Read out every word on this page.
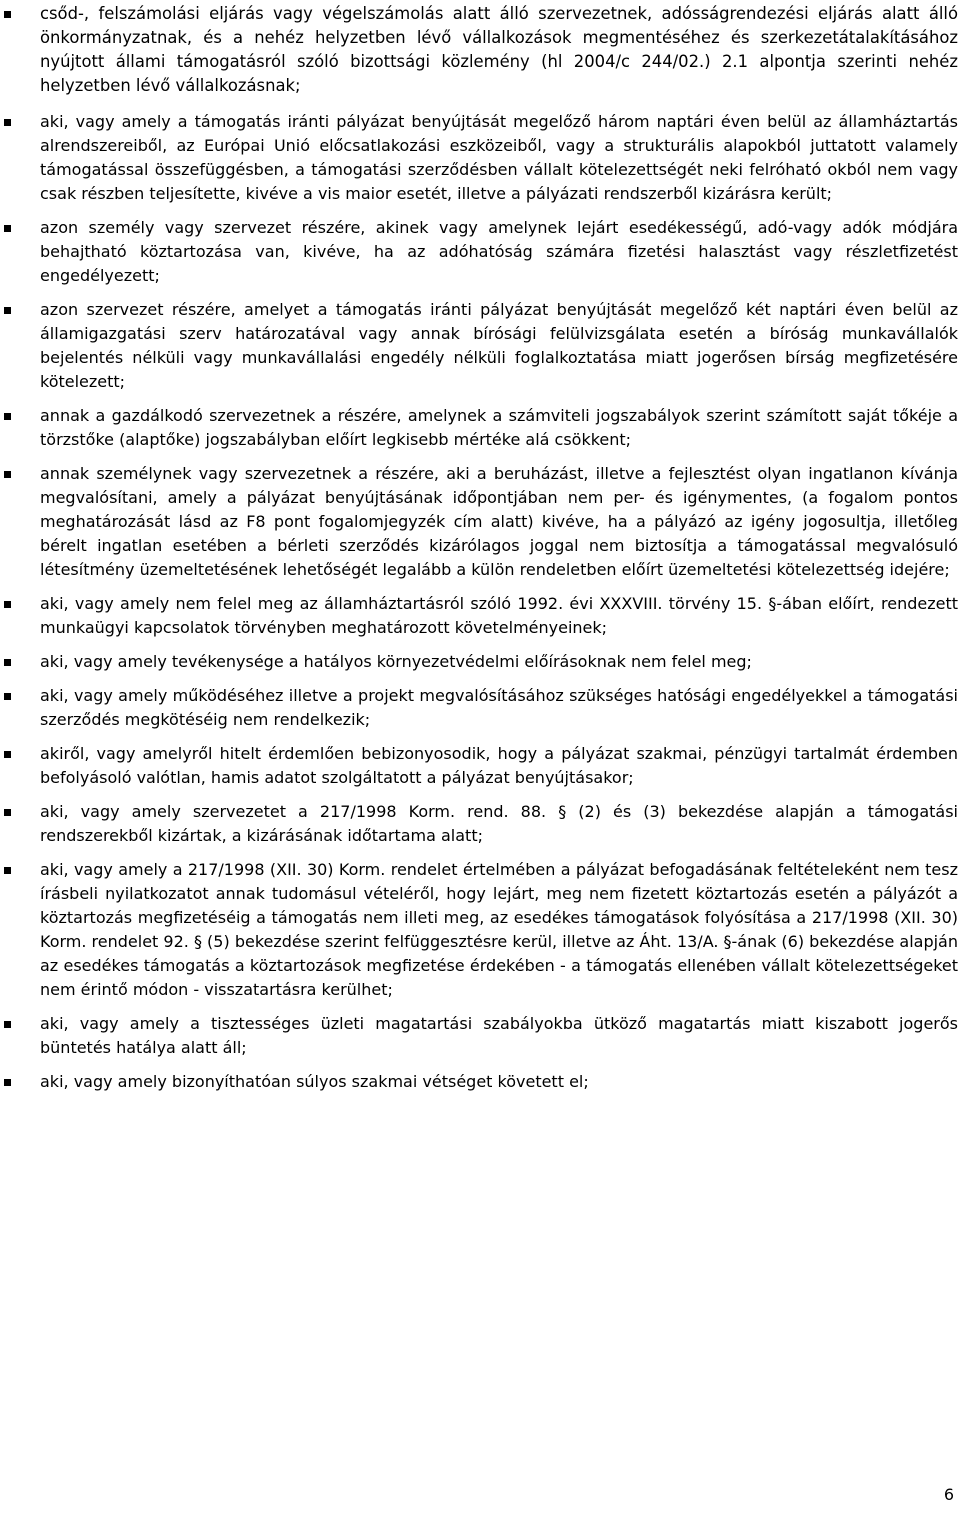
csőd-, felszámolási eljárás vagy végelszámolás alatt álló szervezetnek, adósságrendezési eljárás alatt álló önkormányzatnak, és a nehéz helyzetben lévő vállalkozások megmentéséhez és szerkezetátalakításához nyújtott állami támogatásról szóló bizottsági közlemény (hl 2004/c 244/02.) 2.1 alpontja szerinti nehéz helyzetben lévő vállalkozásnak;
aki, vagy amely a támogatás iránti pályázat benyújtását megelőző három naptári éven belül az államháztartás alrendszereiből, az Európai Unió előcsatlakozási eszközeiből, vagy a strukturális alapokból juttatott valamely támogatással összefüggésben, a támogatási szerződésben vállalt kötelezettségét neki felróható okból nem vagy csak részben teljesítette, kivéve a vis maior esetét, illetve a pályázati rendszerből kizárásra került;
azon személy vagy szervezet részére, akinek vagy amelynek lejárt esedékességű, adó-vagy adók módjára behajtható köztartozása van, kivéve, ha az adóhatóság számára fizetési halasztást vagy részletfizetést engedélyezett;
azon szervezet részére, amelyet a támogatás iránti pályázat benyújtását megelőző két naptári éven belül az államigazgatási szerv határozatával vagy annak bírósági felülvizsgálata esetén a bíróság munkavállalók bejelentés nélküli vagy munkavállalási engedély nélküli foglalkoztatása miatt jogerősen bírság megfizetésére kötelezett;
annak a gazdálkodó szervezetnek a részére, amelynek a számviteli jogszabályok szerint számított saját tőkéje a törzstőke (alaptőke) jogszabályban előírt legkisebb mértéke alá csökkent;
annak személynek vagy szervezetnek a részére, aki a beruházást, illetve a fejlesztést olyan ingatlanon kívánja megvalósítani, amely a pályázat benyújtásának időpontjában nem per- és igénymentes, (a fogalom pontos meghatározását lásd az F8 pont fogalomjegyzék cím alatt) kivéve, ha a pályázó az igény jogosultja, illetőleg bérelt ingatlan esetében a bérleti szerződés kizárólagos joggal nem biztosítja a támogatással megvalósuló létesítmény üzemeltetésének lehetőségét legalább a külön rendeletben előírt üzemeltetési kötelezettség idejére;
aki, vagy amely nem felel meg az államháztartásról szóló 1992. évi XXXVIII. törvény 15. §-ában előírt, rendezett munkaügyi kapcsolatok törvényben meghatározott követelményeinek;
aki, vagy amely tevékenysége a hatályos környezetvédelmi előírásoknak nem felel meg;
aki, vagy amely működéséhez illetve a projekt megvalósításához szükséges hatósági engedélyekkel a támogatási szerződés megkötéséig nem rendelkezik;
akiről, vagy amelyről hitelt érdemlően bebizonyosodik, hogy a pályázat szakmai, pénzügyi tartalmát érdemben befolyásoló valótlan, hamis adatot szolgáltatott a pályázat benyújtásakor;
aki, vagy amely szervezetet a 217/1998 Korm. rend. 88. § (2) és (3) bekezdése alapján a támogatási rendszerekből kizártak, a kizárásának időtartama alatt;
aki, vagy amely a 217/1998 (XII. 30) Korm. rendelet értelmében a pályázat befogadásának feltételeként nem tesz írásbeli nyilatkozatot annak tudomásul vételéről, hogy lejárt, meg nem fizetett köztartozás esetén a pályázót a köztartozás megfizetéséig a támogatás nem illeti meg, az esedékes támogatások folyósítása a 217/1998 (XII. 30) Korm. rendelet 92. § (5) bekezdése szerint felfüggesztésre kerül, illetve az Áht. 13/A. §-ának (6) bekezdése alapján az esedékes támogatás a köztartozások megfizetése érdekében - a támogatás ellenében vállalt kötelezettségeket nem érintő módon - visszatartásra kerülhet;
aki, vagy amely a tisztességes üzleti magatartási szabályokba ütköző magatartás miatt kiszabott jogerős büntetés hatálya alatt áll;
aki, vagy amely bizonyíthatóan súlyos szakmai vétséget követett el;
6
